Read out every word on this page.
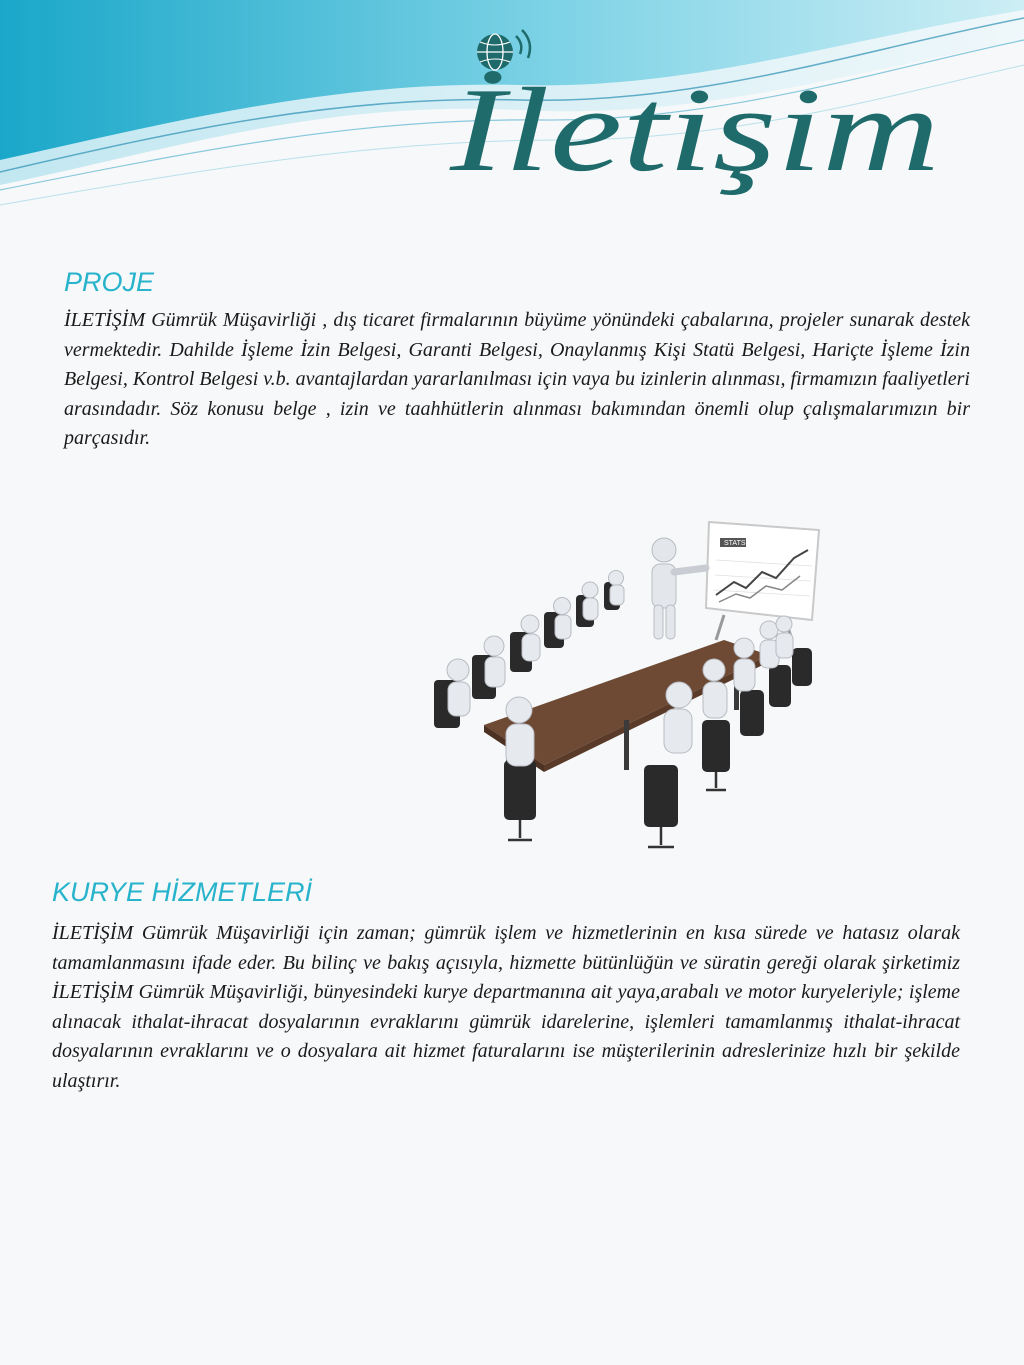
İletişim
PROJE

İLETİŞİM Gümrük Müşavirliği , dış ticaret firmalarının büyüme yönündeki çabalarına, projeler sunarak destek vermektedir. Dahilde İşleme İzin Belgesi, Garanti Belgesi, Onaylanmış Kişi Statü Belgesi, Hariçte İşleme İzin Belgesi, Kontrol Belgesi v.b. avantajlardan yararlanılması için vaya bu izinlerin alınması, firmamızın faaliyetleri arasındadır. Söz konusu belge , izin ve taahhütlerin alınması bakımından önemli olup çalışmalarımızın bir parçasıdır.

STATS
KURYE HİZMETLERİ

İLETİŞİM Gümrük Müşavirliği için zaman; gümrük işlem ve hizmetlerinin en kısa sürede ve hatasız olarak tamamlanmasını ifade eder. Bu bilinç ve bakış açısıyla, hizmette bütünlüğün ve süratin gereği olarak şirketimiz İLETİŞİM Gümrük Müşavirliği, bünyesindeki kurye departmanına ait yaya,arabalı ve motor kuryeleriyle; işleme alınacak ithalat-ihracat dosyalarının evraklarını gümrük idarelerine, işlemleri tamamlanmış ithalat-ihracat dosyalarının evraklarını ve o dosyalara ait hizmet faturalarını ise müşterilerinin adreslerinize hızlı bir şekilde ulaştırır.
